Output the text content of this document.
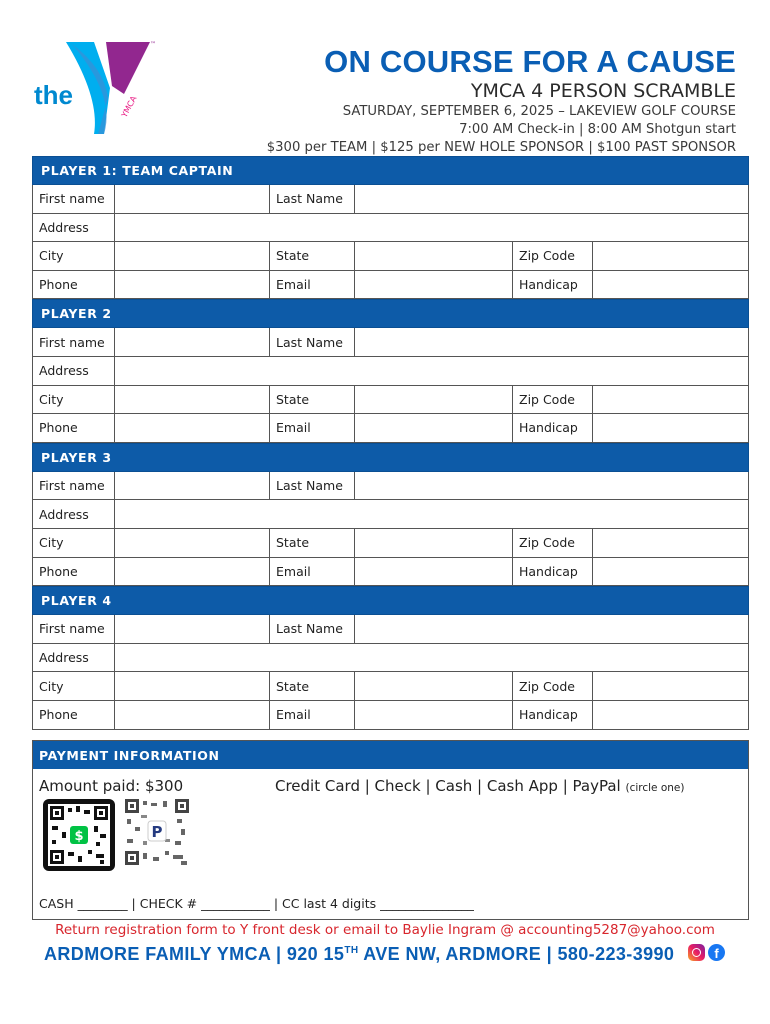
the	YMCA
™	ON COURSE FOR A CAUSE
YMCA 4 PERSON SCRAMBLE
SATURDAY, SEPTEMBER 6, 2025 – LAKEVIEW GOLF COURSE
7:00 AM Check-in | 8:00 AM Shotgun start
$300 per TEAM | $125 per NEW HOLE SPONSOR | $100 PAST SPONSOR
PLAYER 1: TEAM CAPTAIN
First name	Last Name
Address
City	State	Zip Code
Phone	Email	Handicap
PLAYER 2
First name	Last Name
Address
City	State	Zip Code
Phone	Email	Handicap
PLAYER 3
First name	Last Name
Address
City	State	Zip Code
Phone	Email	Handicap
PLAYER 4
First name	Last Name
Address
City	State	Zip Code
Phone	Email	Handicap
PAYMENT INFORMATION
Amount paid: $300	Credit Card | Check | Cash | Cash App | PayPal (circle one)
$	P
CASH ________ | CHECK # ___________ | CC last 4 digits _______________
Return registration form to Y front desk or email to Baylie Ingram @ accounting5287@yahoo.com
ARDMORE FAMILY YMCA | 920 15TH AVE NW, ARDMORE | 580-223-3990	f
